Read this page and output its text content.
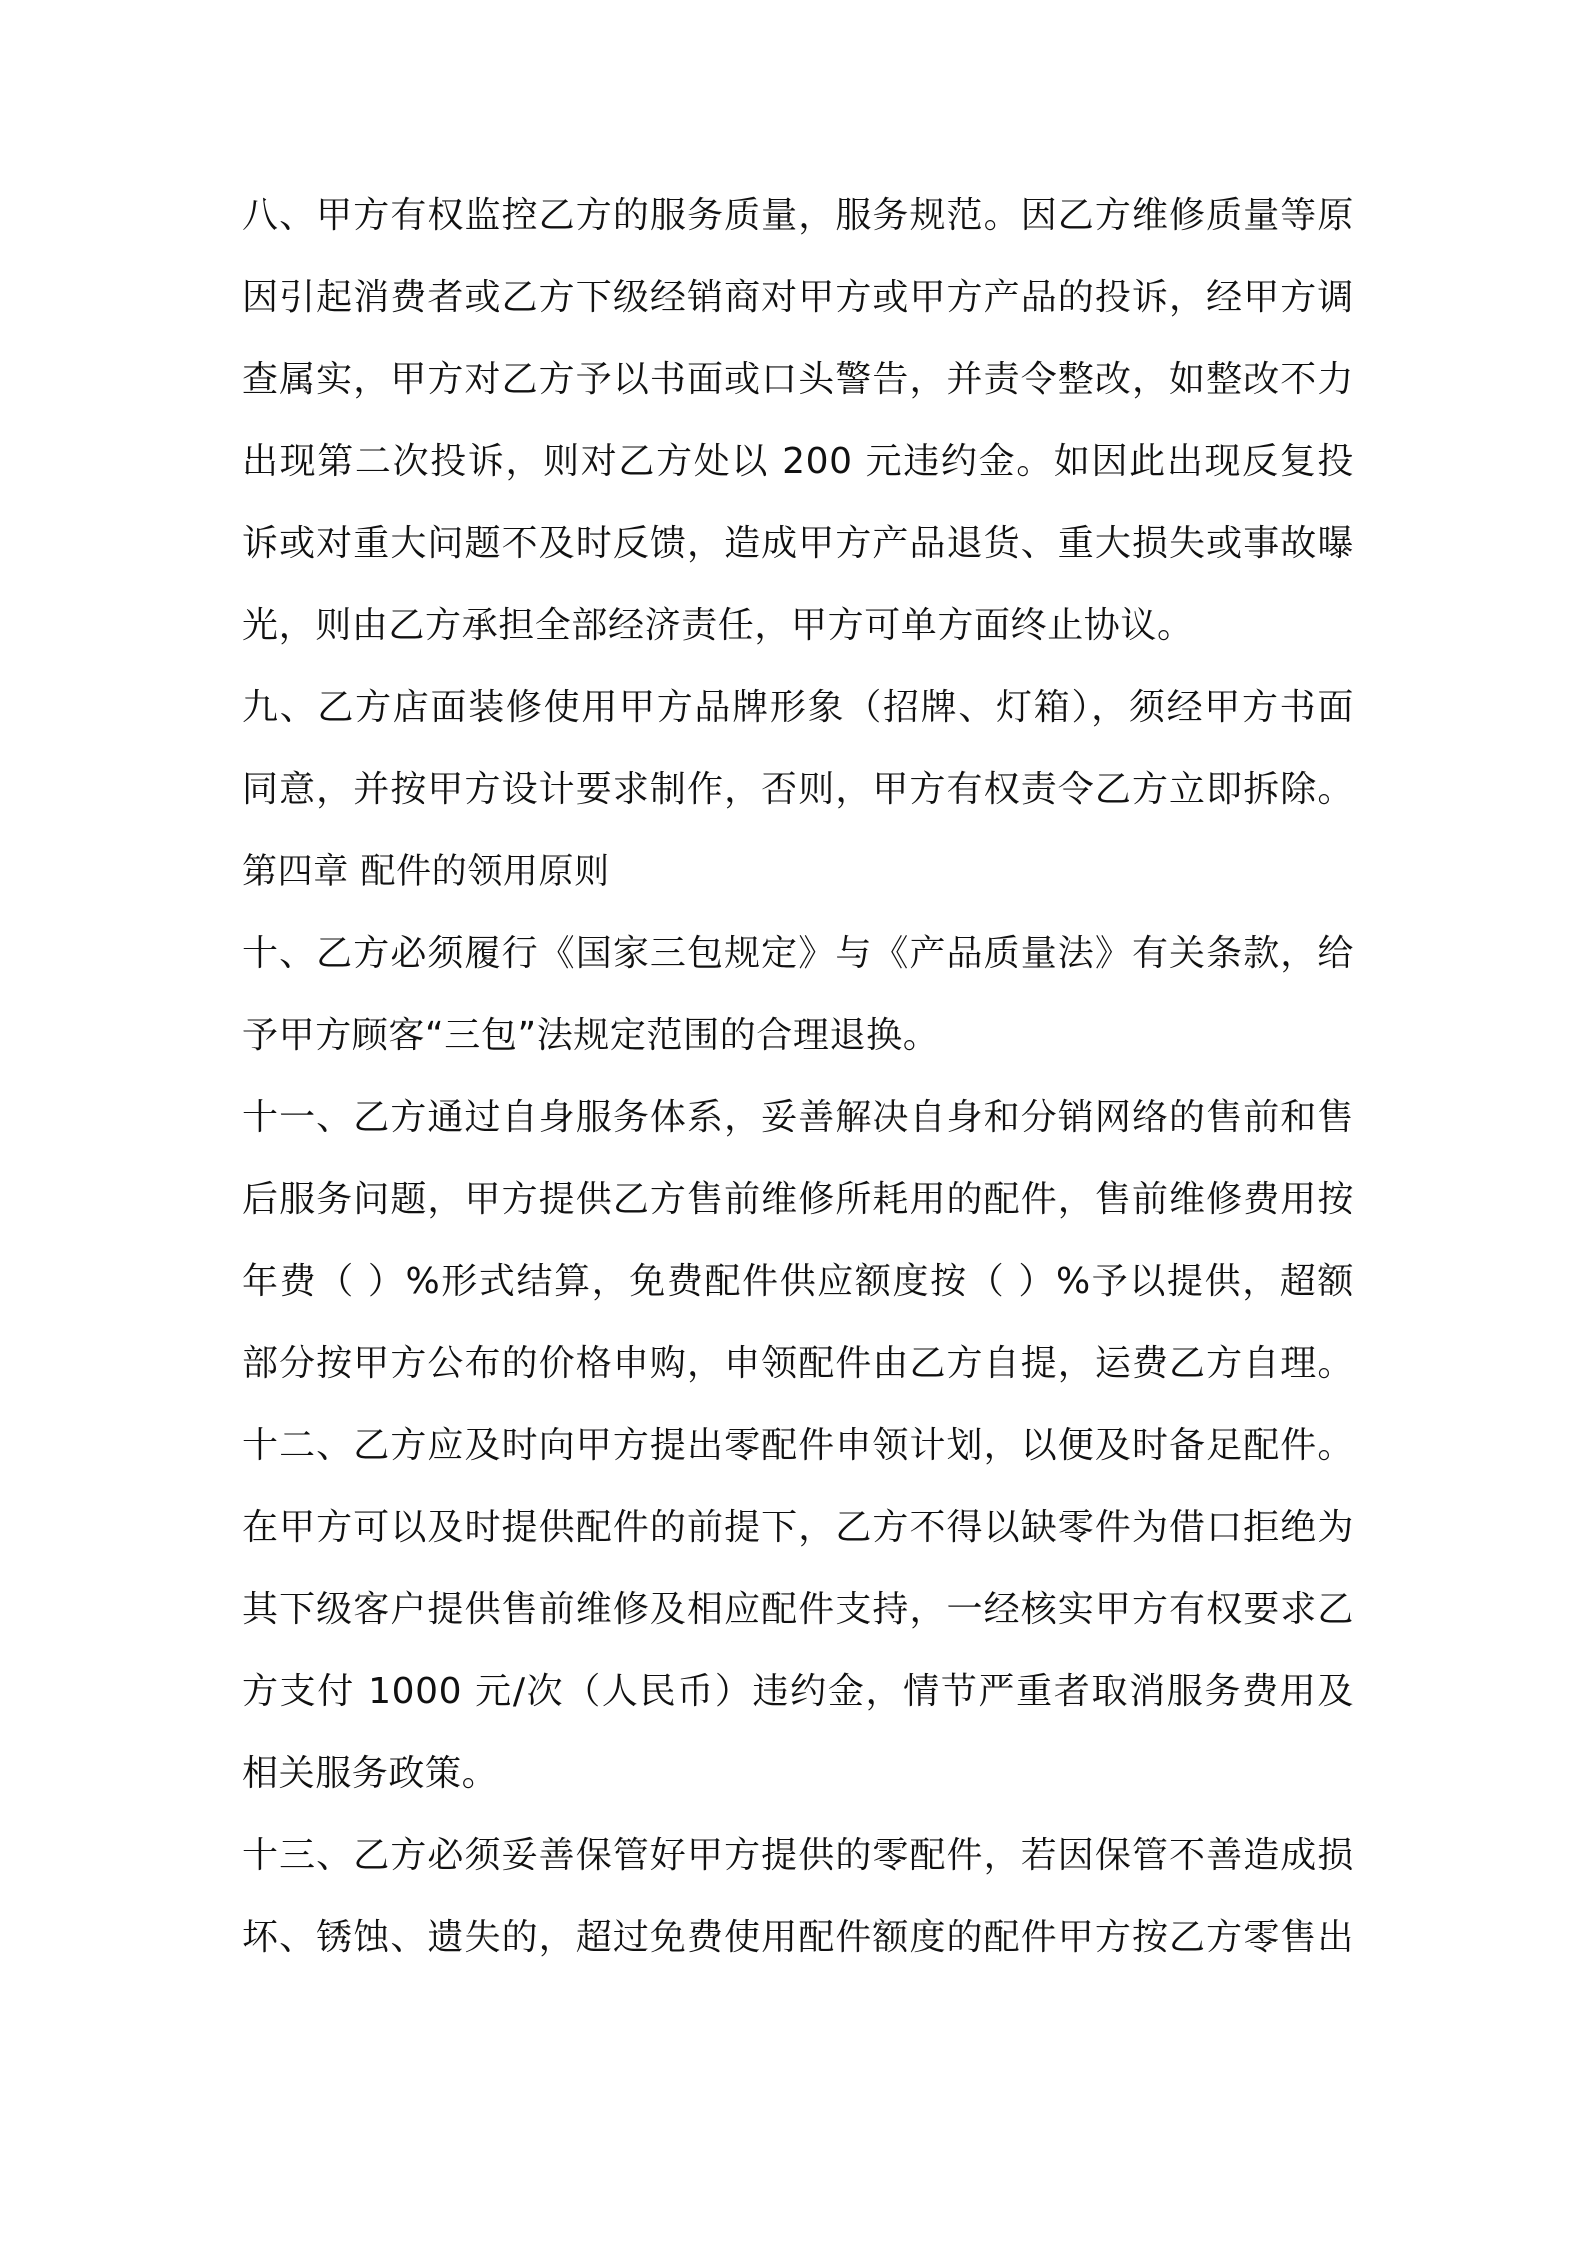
八、甲方有权监控乙方的服务质量，服务规范。因乙方维修质量等原
因引起消费者或乙方下级经销商对甲方或甲方产品的投诉，经甲方调
查属实，甲方对乙方予以书面或口头警告，并责令整改，如整改不力
出现第二次投诉，则对乙方处以 200 元违约金。如因此出现反复投
诉或对重大问题不及时反馈，造成甲方产品退货、重大损失或事故曝
光，则由乙方承担全部经济责任，甲方可单方面终止协议。
九、乙方店面装修使用甲方品牌形象（招牌、灯箱），须经甲方书面
同意，并按甲方设计要求制作，否则，甲方有权责令乙方立即拆除。
第四章 配件的领用原则
十、乙方必须履行《国家三包规定》与《产品质量法》有关条款，给
予甲方顾客“三包”法规定范围的合理退换。
十一、乙方通过自身服务体系，妥善解决自身和分销网络的售前和售
后服务问题，甲方提供乙方售前维修所耗用的配件，售前维修费用按
年费（ ）%形式结算，免费配件供应额度按（ ）%予以提供，超额
部分按甲方公布的价格申购，申领配件由乙方自提，运费乙方自理。
十二、乙方应及时向甲方提出零配件申领计划，以便及时备足配件。
在甲方可以及时提供配件的前提下，乙方不得以缺零件为借口拒绝为
其下级客户提供售前维修及相应配件支持，一经核实甲方有权要求乙
方支付 1000 元/次（人民币）违约金，情节严重者取消服务费用及
相关服务政策。
十三、乙方必须妥善保管好甲方提供的零配件，若因保管不善造成损
坏、锈蚀、遗失的，超过免费使用配件额度的配件甲方按乙方零售出
